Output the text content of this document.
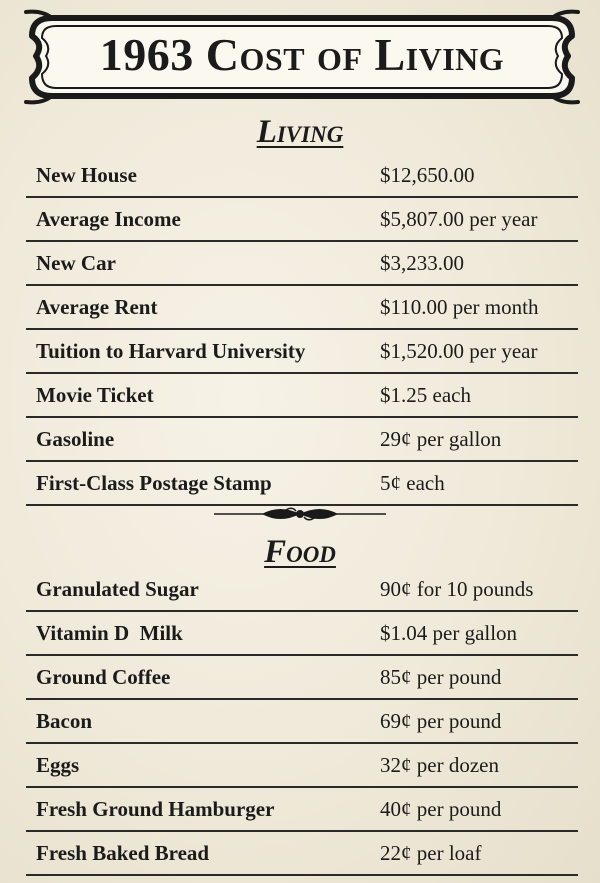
1963 Cost of Living
Living
New House	$12,650.00
Average Income	$5,807.00 per year
New Car	$3,233.00
Average Rent	$110.00 per month
Tuition to Harvard University	$1,520.00 per year
Movie Ticket	$1.25 each
Gasoline	29¢ per gallon
First-Class Postage Stamp	5¢ each
Food
Granulated Sugar	90¢ for 10 pounds
Vitamin D  Milk	$1.04 per gallon
Ground Coffee	85¢ per pound
Bacon	69¢ per pound
Eggs	32¢ per dozen
Fresh Ground Hamburger	40¢ per pound
Fresh Baked Bread	22¢ per loaf
